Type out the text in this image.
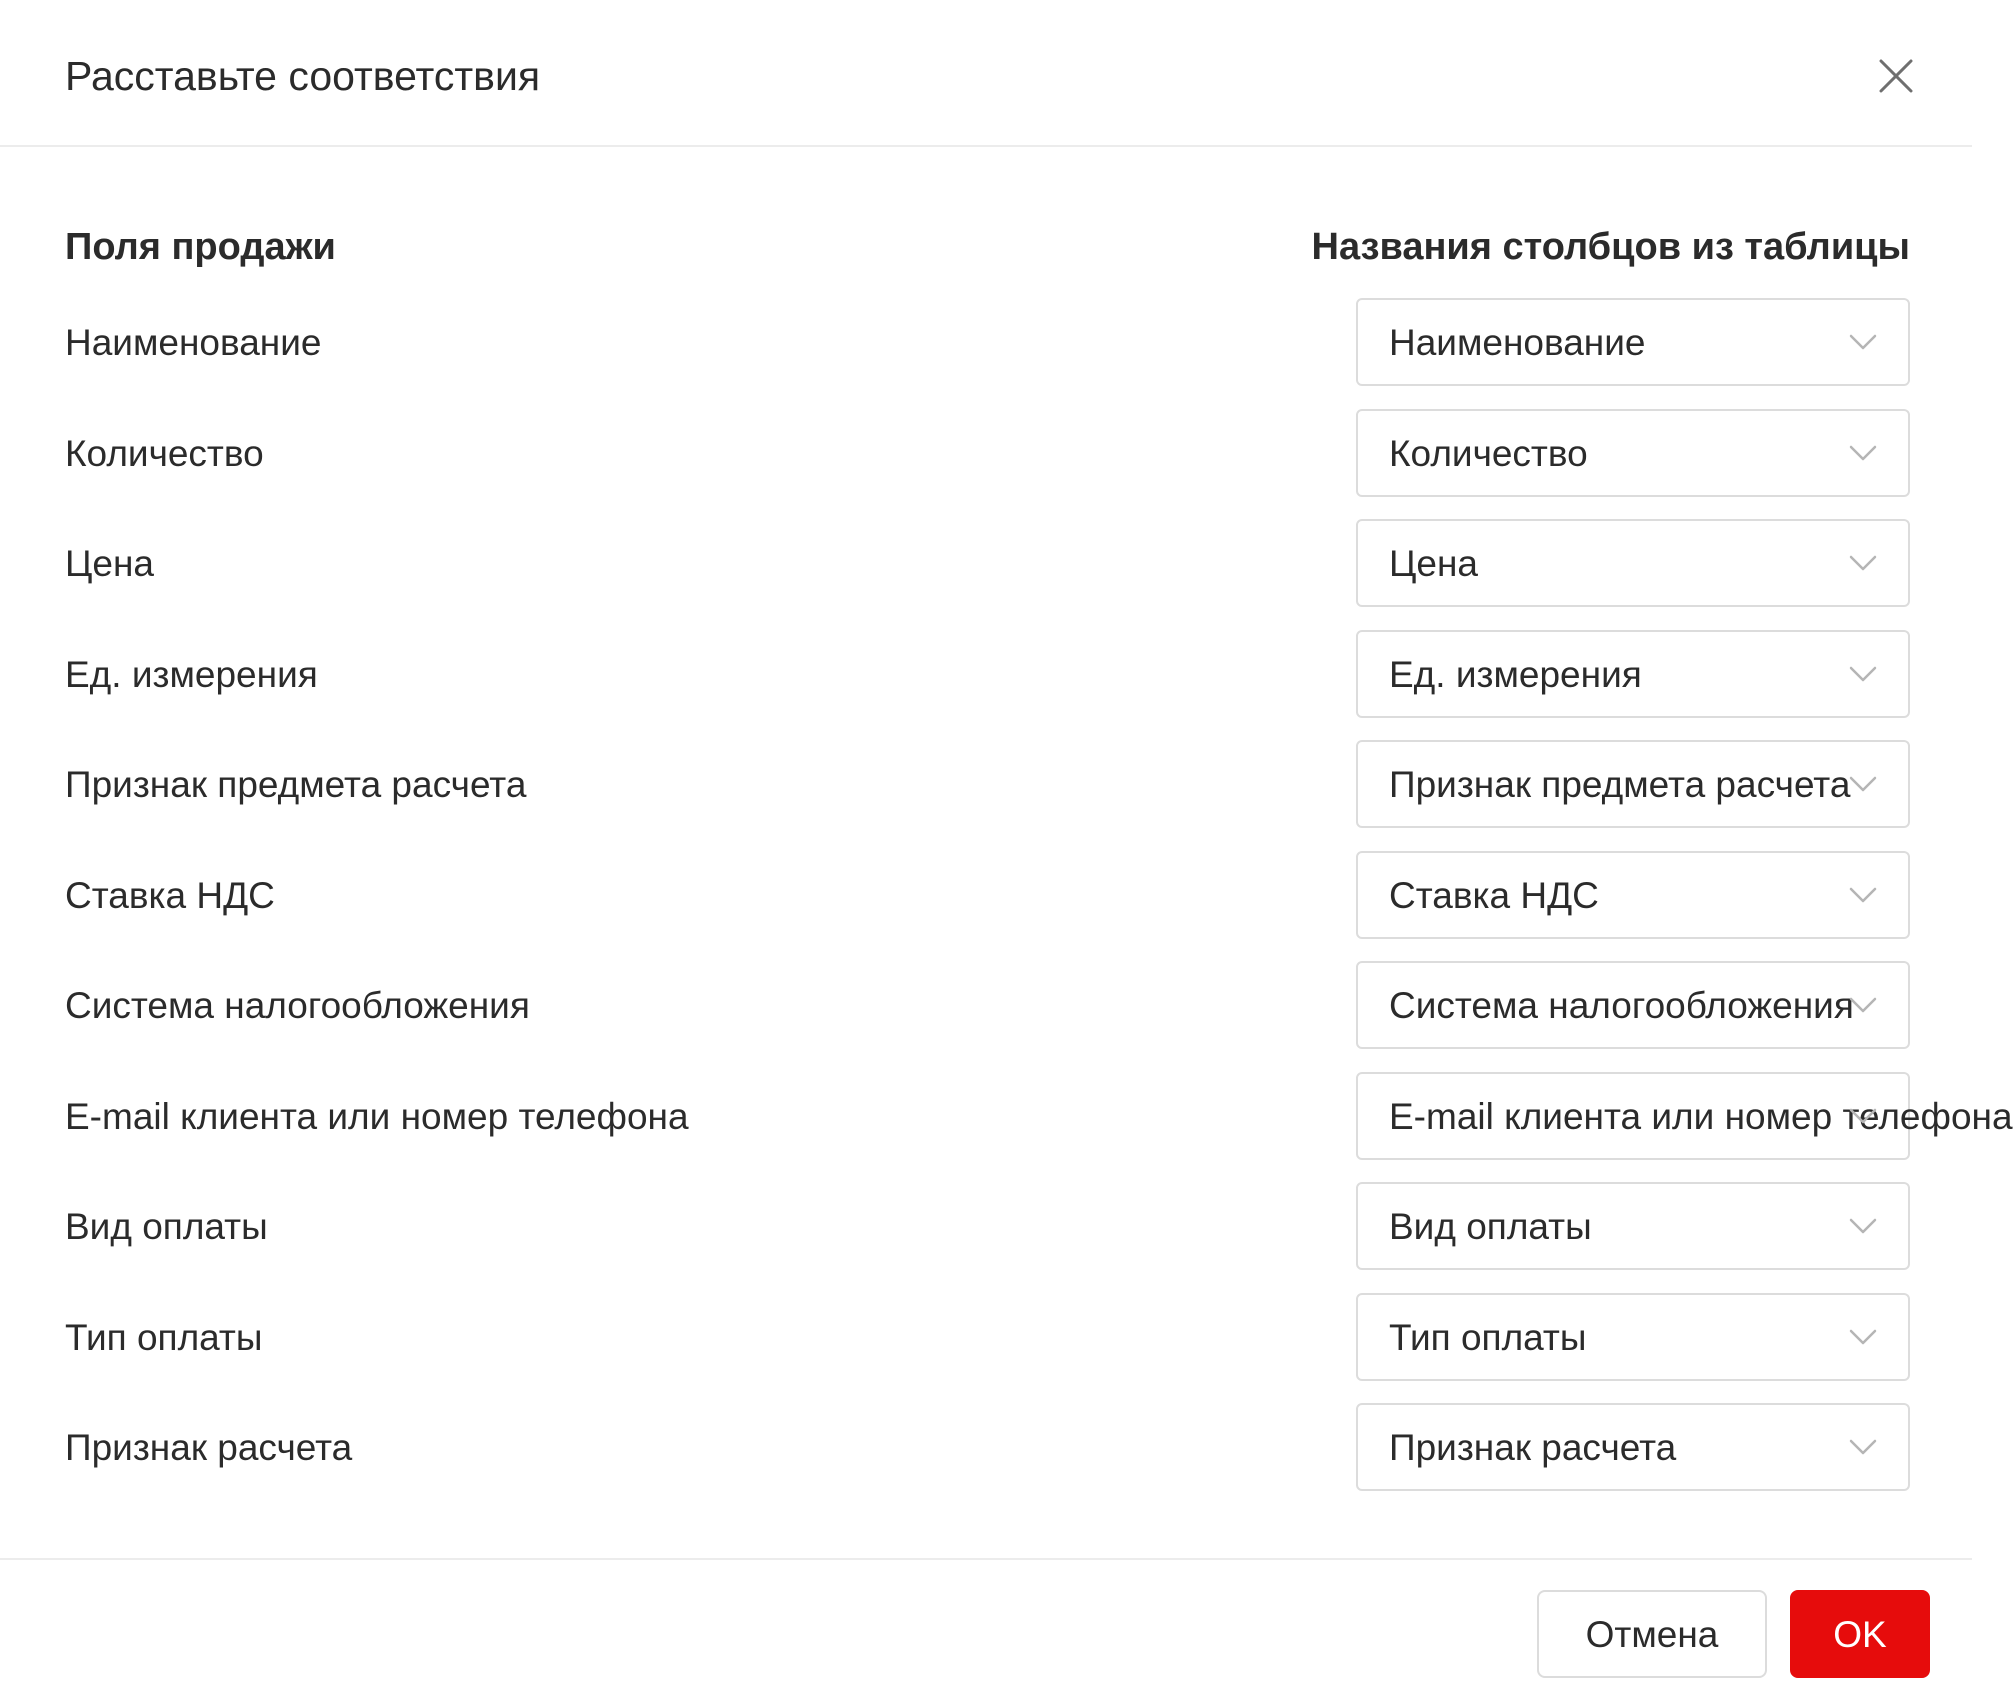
Расставьте соответствия
Поля продажи	Названия столбцов из таблицы
Наименование	Наименование
Количество	Количество
Цена	Цена
Ед. измерения	Ед. измерения
Признак предмета расчета	Признак предмета расчета
Ставка НДС	Ставка НДС
Система налогообложения	Система налогообложения
E-mail клиента или номер телефона	E-mail клиента или номер телефона
Вид оплаты	Вид оплаты
Тип оплаты	Тип оплаты
Признак расчета	Признак расчета
Отмена	OK
